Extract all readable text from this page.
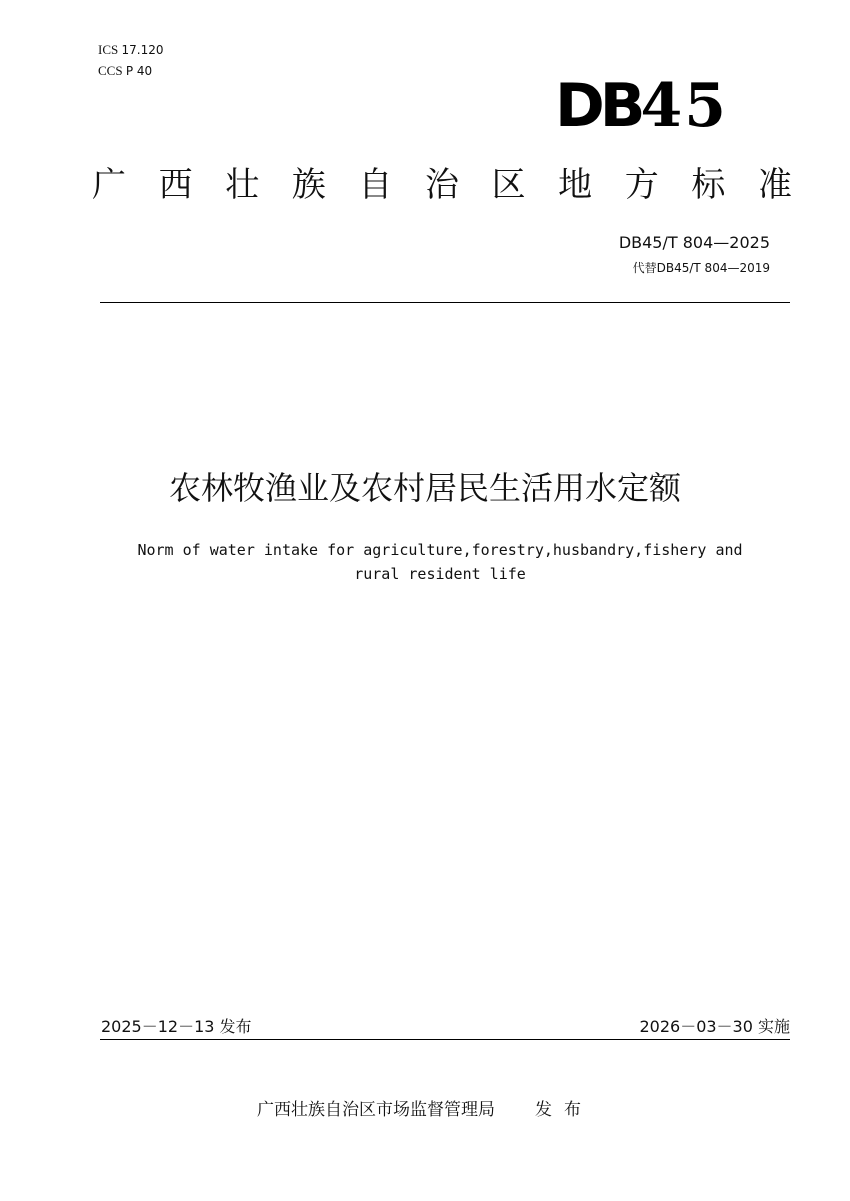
ICS 17.120
CCS P 40	DB45
广 西 壮 族 自 治 区 地 方 标 准
DB45/T 804—2025
代替DB45/T 804—2019
农林牧渔业及农村居民生活用水定额
Norm of water intake for agriculture,forestry,husbandry,fishery and
rural resident life
2025－12－13 发布	2026－03－30 实施
广西壮族自治区市场监督管理局 发布
